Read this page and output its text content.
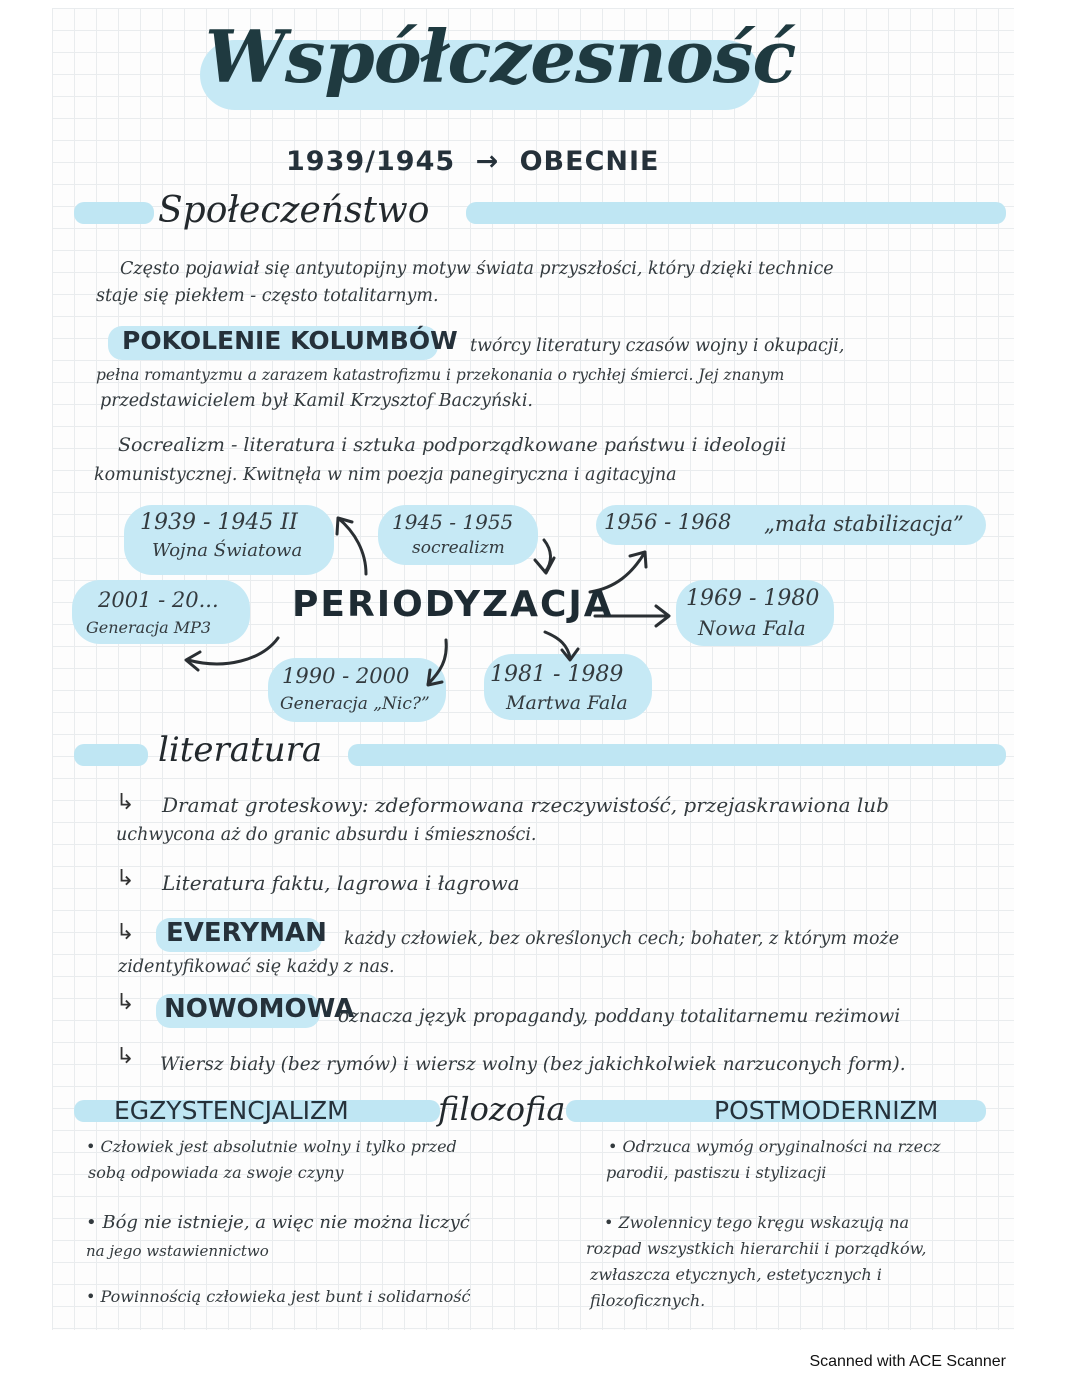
Współczesność
1939/1945 → OBECNIE
Społeczeństwo
Często pojawiał się antyutopijny motyw świata przyszłości, który dzięki technice
staje się piekłem - często totalitarnym.
POKOLENIE KOLUMBÓW twórcy literatury czasów wojny i okupacji,
pełna romantyzmu a zarazem katastrofizmu i przekonania o rychłej śmierci. Jej znanym
przedstawicielem był Kamil Krzysztof Baczyński.
Socrealizm - literatura i sztuka podporządkowane państwu i ideologii
komunistycznej. Kwitnęła w nim poezja panegiryczna i agitacyjna
PERIODYZACJA
1939 - 1945 II
Wojna Światowa
1945 - 1955
socrealizm
1956 - 1968 „mała stabilizacja”
1969 - 1980
Nowa Fala
1981 - 1989
Martwa Fala
1990 - 2000
Generacja „Nic?”
2001 - 20...
Generacja MP3
literatura
↳ Dramat groteskowy: zdeformowana rzeczywistość, przejaskrawiona lub
uchwycona aż do granic absurdu i śmieszności.
↳ Literatura faktu, lagrowa i łagrowa
↳ EVERYMAN każdy człowiek, bez określonych cech; bohater, z którym może
zidentyfikować się każdy z nas.
↳ NOWOMOWA
oznacza język propagandy, poddany totalitarnemu reżimowi
↳ Wiersz biały (bez rymów) i wiersz wolny (bez jakichkolwiek narzuconych form).
EGZYSTENCJALIZM	filozofia	POSTMODERNIZM
• Człowiek jest absolutnie wolny i tylko przed
sobą odpowiada za swoje czyny
• Bóg nie istnieje, a więc nie można liczyć
na jego wstawiennictwo
• Powinnością człowieka jest bunt i solidarność
• Odrzuca wymóg oryginalności na rzecz
parodii, pastiszu i stylizacji
• Zwolennicy tego kręgu wskazują na
rozpad wszystkich hierarchii i porządków,
zwłaszcza etycznych, estetycznych i
filozoficznych.
Scanned with ACE Scanner
